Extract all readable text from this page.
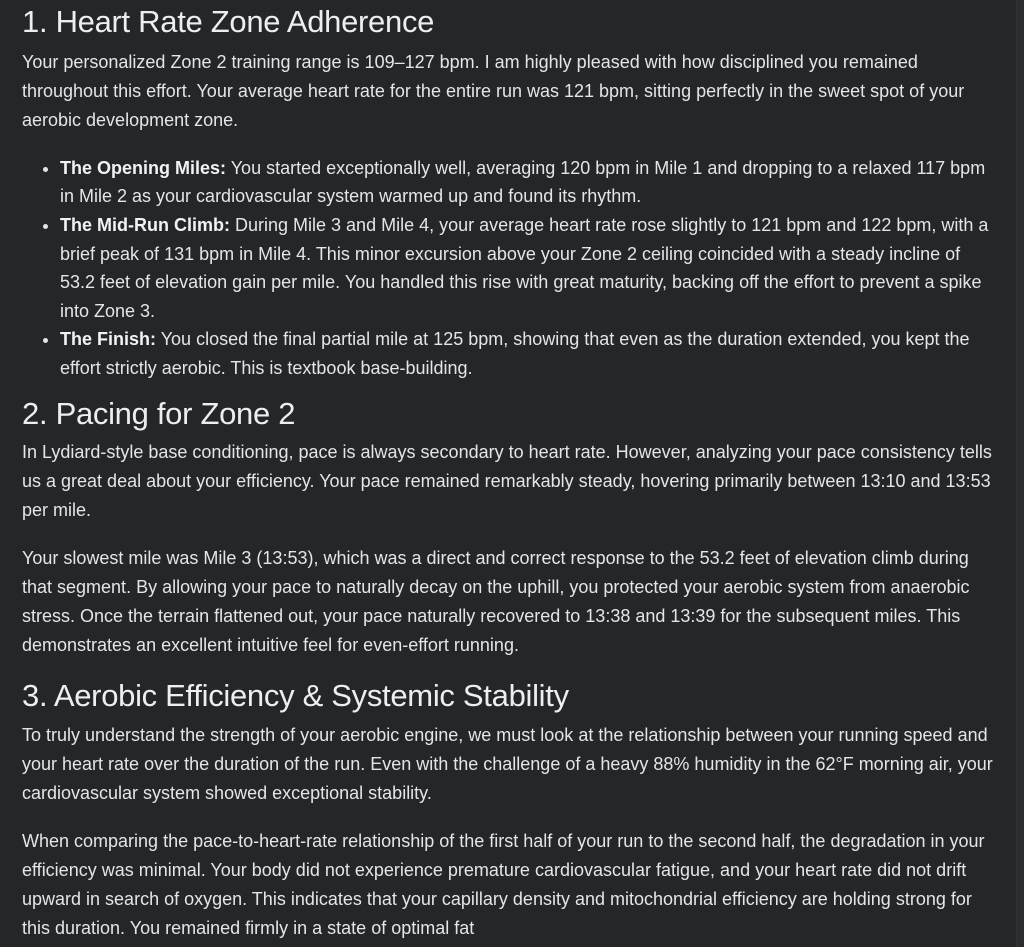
1. Heart Rate Zone Adherence

Your personalized Zone 2 training range is 109–127 bpm. I am highly pleased with how disciplined you remained throughout this effort. Your average heart rate for the entire run was 121 bpm, sitting perfectly in the sweet spot of your aerobic development zone.

• The Opening Miles: You started exceptionally well, averaging 120 bpm in Mile 1 and dropping to a relaxed 117 bpm in Mile 2 as your cardiovascular system warmed up and found its rhythm.
• The Mid-Run Climb: During Mile 3 and Mile 4, your average heart rate rose slightly to 121 bpm and 122 bpm, with a brief peak of 131 bpm in Mile 4. This minor excursion above your Zone 2 ceiling coincided with a steady incline of 53.2 feet of elevation gain per mile. You handled this rise with great maturity, backing off the effort to prevent a spike into Zone 3.
• The Finish: You closed the final partial mile at 125 bpm, showing that even as the duration extended, you kept the effort strictly aerobic. This is textbook base-building.
2. Pacing for Zone 2

In Lydiard-style base conditioning, pace is always secondary to heart rate. However, analyzing your pace consistency tells us a great deal about your efficiency. Your pace remained remarkably steady, hovering primarily between 13:10 and 13:53 per mile.

Your slowest mile was Mile 3 (13:53), which was a direct and correct response to the 53.2 feet of elevation climb during that segment. By allowing your pace to naturally decay on the uphill, you protected your aerobic system from anaerobic stress. Once the terrain flattened out, your pace naturally recovered to 13:38 and 13:39 for the subsequent miles. This demonstrates an excellent intuitive feel for even-effort running.

3. Aerobic Efficiency & Systemic Stability

To truly understand the strength of your aerobic engine, we must look at the relationship between your running speed and your heart rate over the duration of the run. Even with the challenge of a heavy 88% humidity in the 62°F morning air, your cardiovascular system showed exceptional stability.

When comparing the pace-to-heart-rate relationship of the first half of your run to the second half, the degradation in your efficiency was minimal. Your body did not experience premature cardiovascular fatigue, and your heart rate did not drift upward in search of oxygen. This indicates that your capillary density and mitochondrial efficiency are holding strong for this duration. You remained firmly in a state of optimal fat
